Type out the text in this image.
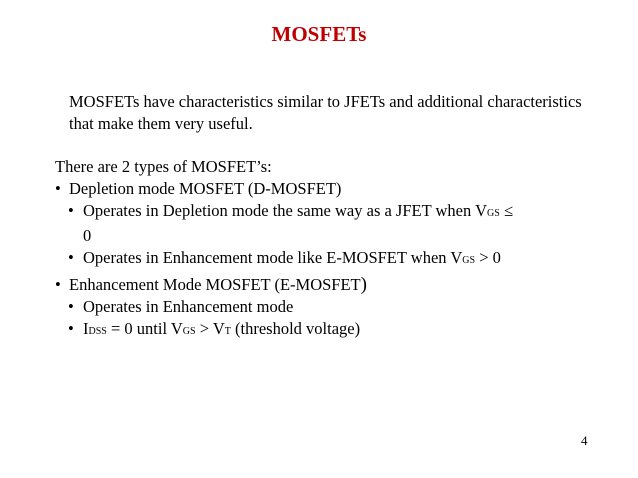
MOSFETs
MOSFETs have characteristics similar to JFETs and additional characteristics that make them very useful.

There are 2 types of MOSFET’s:

• Depletion mode MOSFET (D-MOSFET)

• Operates in Depletion mode the same way as a JFET when VGS ≤
0

• Operates in Enhancement mode like E-MOSFET when VGS > 0

• Enhancement Mode MOSFET (E-MOSFET)

• Operates in Enhancement mode

• IDSS = 0 until VGS > VT (threshold voltage)

4
